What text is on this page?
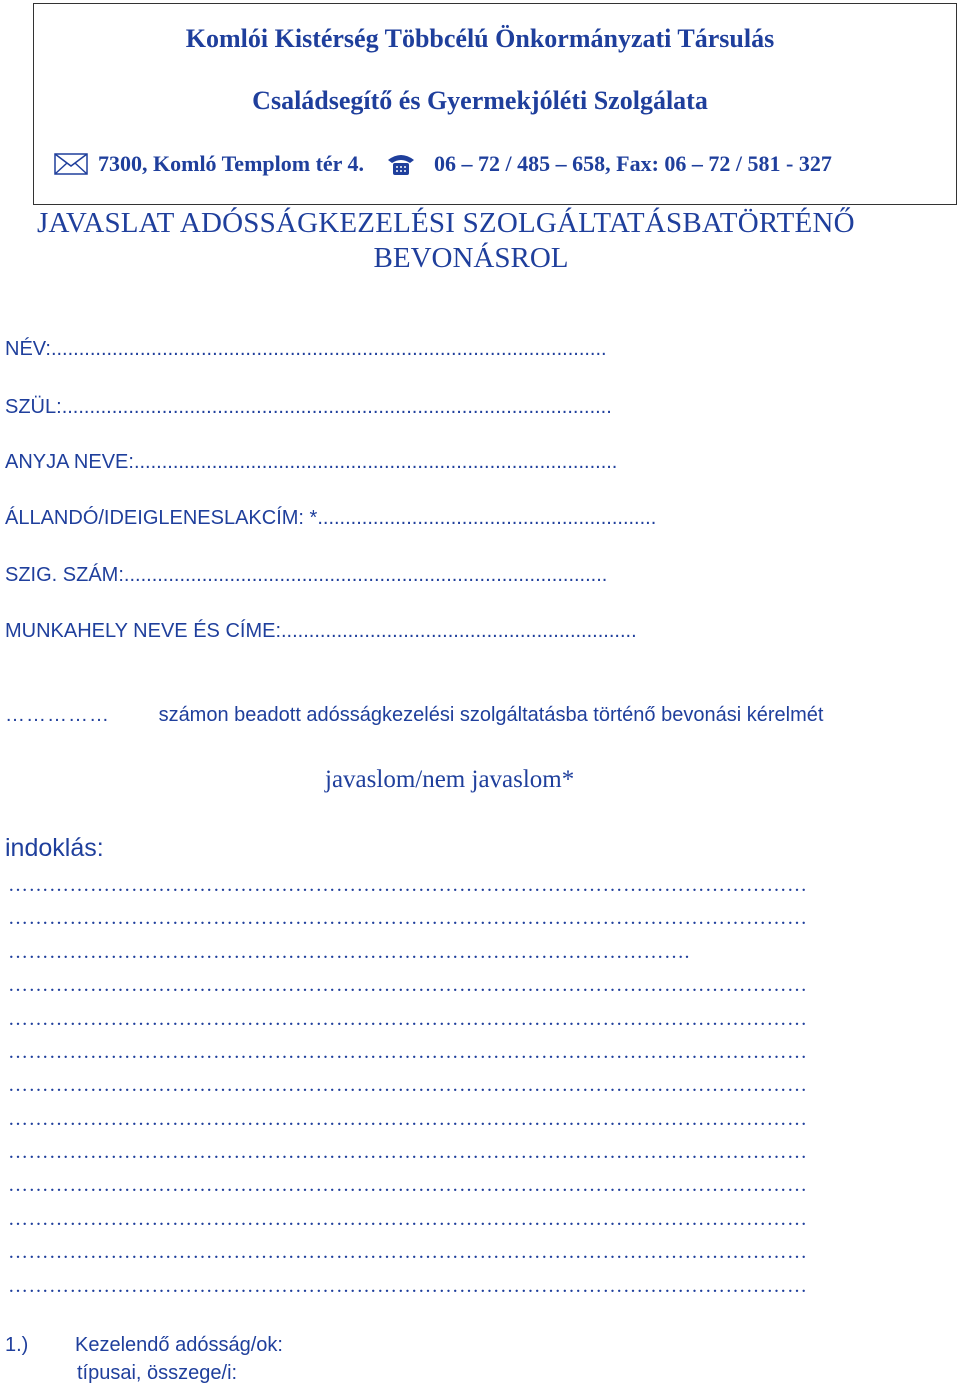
Komlói Kistérség Többcélú Önkormányzati Társulás
Családsegítő és Gyermekjóléti Szolgálata
7300, Komló Templom tér 4.	06 – 72 / 485 – 658, Fax: 06 – 72 / 581 - 327
JAVASLAT ADÓSSÁGKEZELÉSI SZOLGÁLTATÁSBATÖRTÉNŐ
BEVONÁSROL
NÉV:....................................................................................................
SZÜL:...................................................................................................
ANYJA NEVE:.......................................................................................
ÁLLANDÓ/IDEIGLENESLAKCÍM: *.............................................................
SZIG. SZÁM:.......................................................................................
MUNKAHELY NEVE ÉS CÍME:................................................................
…………… számon beadott adósságkezelési szolgáltatásba történő bevonási kérelmét
javaslom/nem javaslom*
indoklás:
………………………………………………………………………………………………………
………………………………………………………………………………………………………
……………………………………………………………………………………….
………………………………………………………………………………………………………
………………………………………………………………………………………………………
………………………………………………………………………………………………………
………………………………………………………………………………………………………
………………………………………………………………………………………………………
………………………………………………………………………………………………………
………………………………………………………………………………………………………
………………………………………………………………………………………………………
………………………………………………………………………………………………………
………………………………………………………………………………………………………
1.) Kezelendő adósság/ok:
típusai, összege/i:
